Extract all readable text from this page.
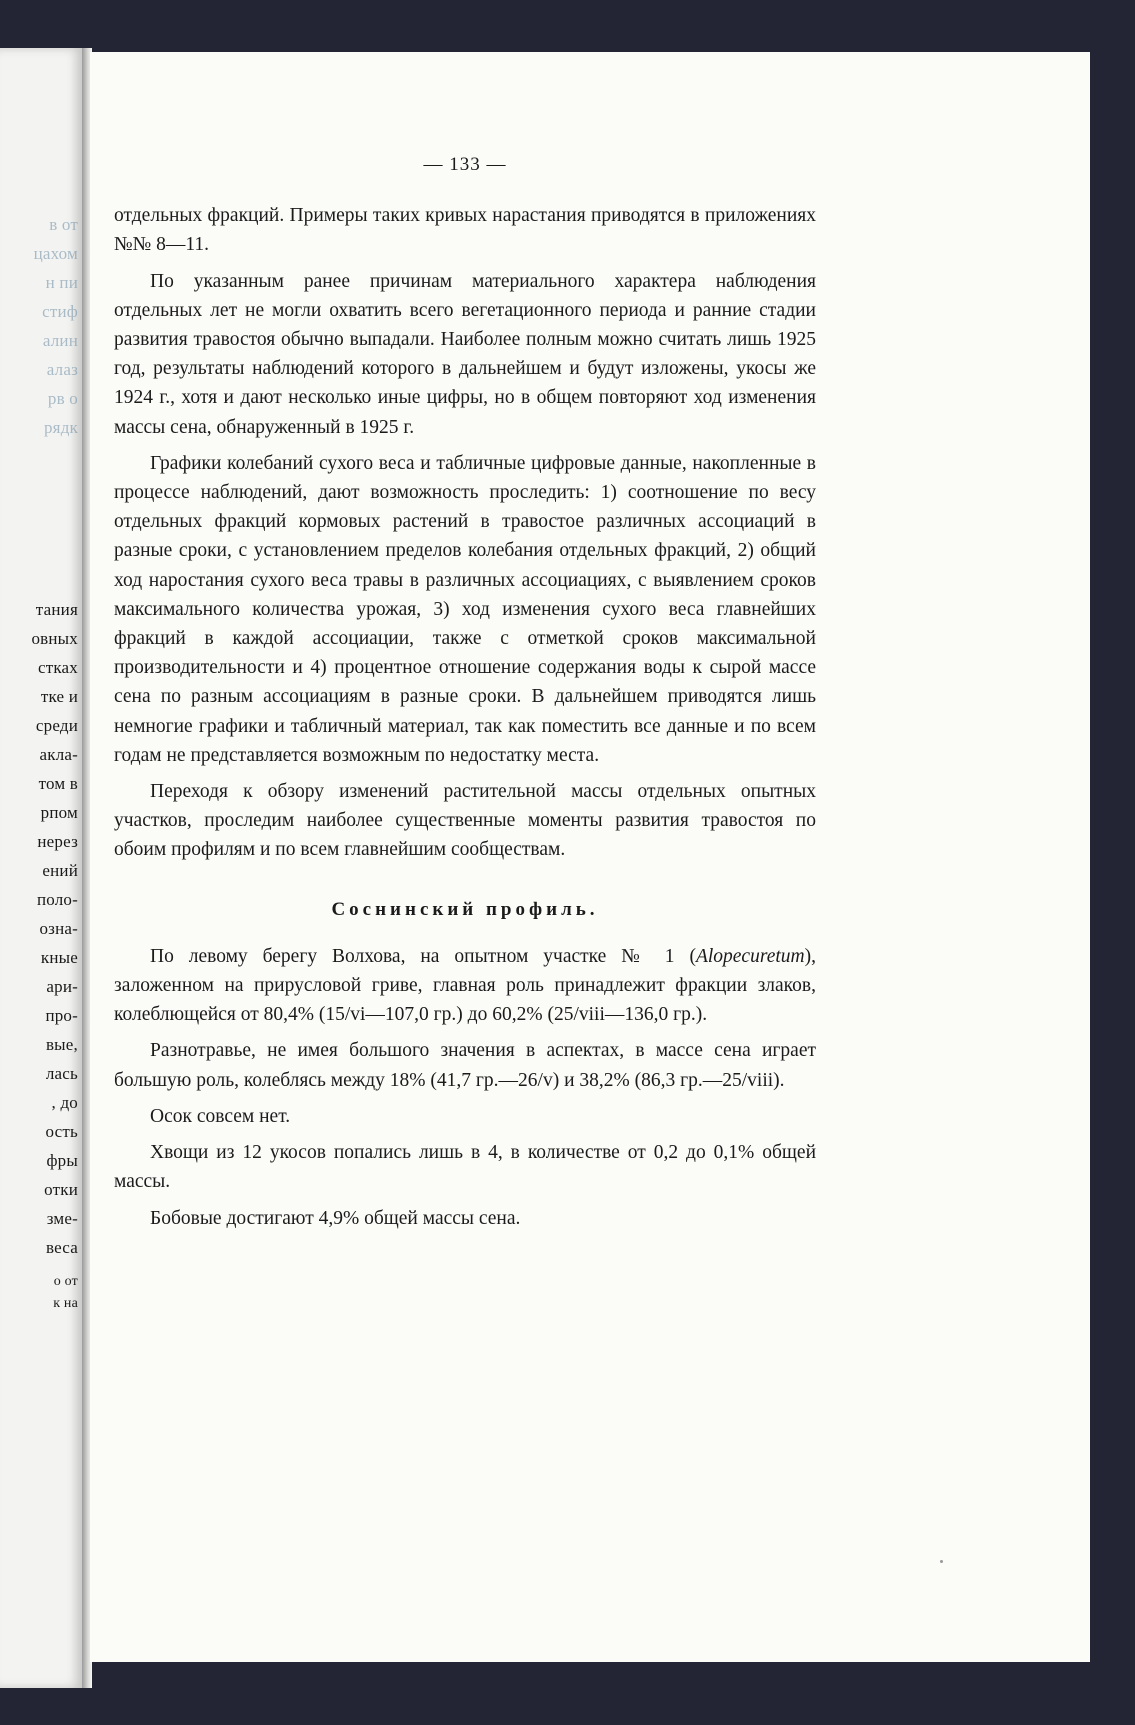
в от
цахом
н пи
стиф
алин
алаз
рв о
рядк
тания
овных
стках
тке и
среди
акла-
том в
рпом
нерез
ений
поло-
озна-
кные
ари-
про-
вые,
лась
, до
ость
фры
отки
зме-
веса
о от
к на
— 133 —

отдельных фракций. Примеры таких кривых нарастания приводятся в приложениях №№ 8—11.

По указанным ранее причинам материального характера наблюдения отдельных лет не могли охватить всего вегетационного периода и ранние стадии развития травостоя обычно выпадали. Наиболее полным можно считать лишь 1925 год, результаты наблюдений которого в дальнейшем и будут изложены, укосы же 1924 г., хотя и дают несколько иные цифры, но в общем повторяют ход изменения массы сена, обнаруженный в 1925 г.

Графики колебаний сухого веса и табличные цифровые данные, накопленные в процессе наблюдений, дают возможность проследить: 1) соотношение по весу отдельных фракций кормовых растений в травостое различных ассоциаций в разные сроки, с установлением пределов колебания отдельных фракций, 2) общий ход наростания сухого веса травы в различных ассоциациях, с выявлением сроков максимального количества урожая, 3) ход изменения сухого веса главнейших фракций в каждой ассоциации, также с отметкой сроков максимальной производительности и 4) процентное отношение содержания воды к сырой массе сена по разным ассоциациям в разные сроки. В дальнейшем приводятся лишь немногие графики и табличный материал, так как поместить все данные и по всем годам не представляется возможным по недостатку места.

Переходя к обзору изменений растительной массы отдельных опытных участков, проследим наиболее существенные моменты развития травостоя по обоим профилям и по всем главнейшим сообществам.

Соснинский профиль.

По левому берегу Волхова, на опытном участке № 1 (Alopecuretum), заложенном на прирусловой гриве, главная роль принадлежит фракции злаков, колеблющейся от 80,4% (15/vi—107,0 гр.) до 60,2% (25/viii—136,0 гр.).

Разнотравье, не имея большого значения в аспектах, в массе сена играет большую роль, колеблясь между 18% (41,7 гр.—26/v) и 38,2% (86,3 гр.—25/viii).

Осок совсем нет.

Хвощи из 12 укосов попались лишь в 4, в количестве от 0,2 до 0,1% общей массы.

Бобовые достигают 4,9% общей массы сена.
